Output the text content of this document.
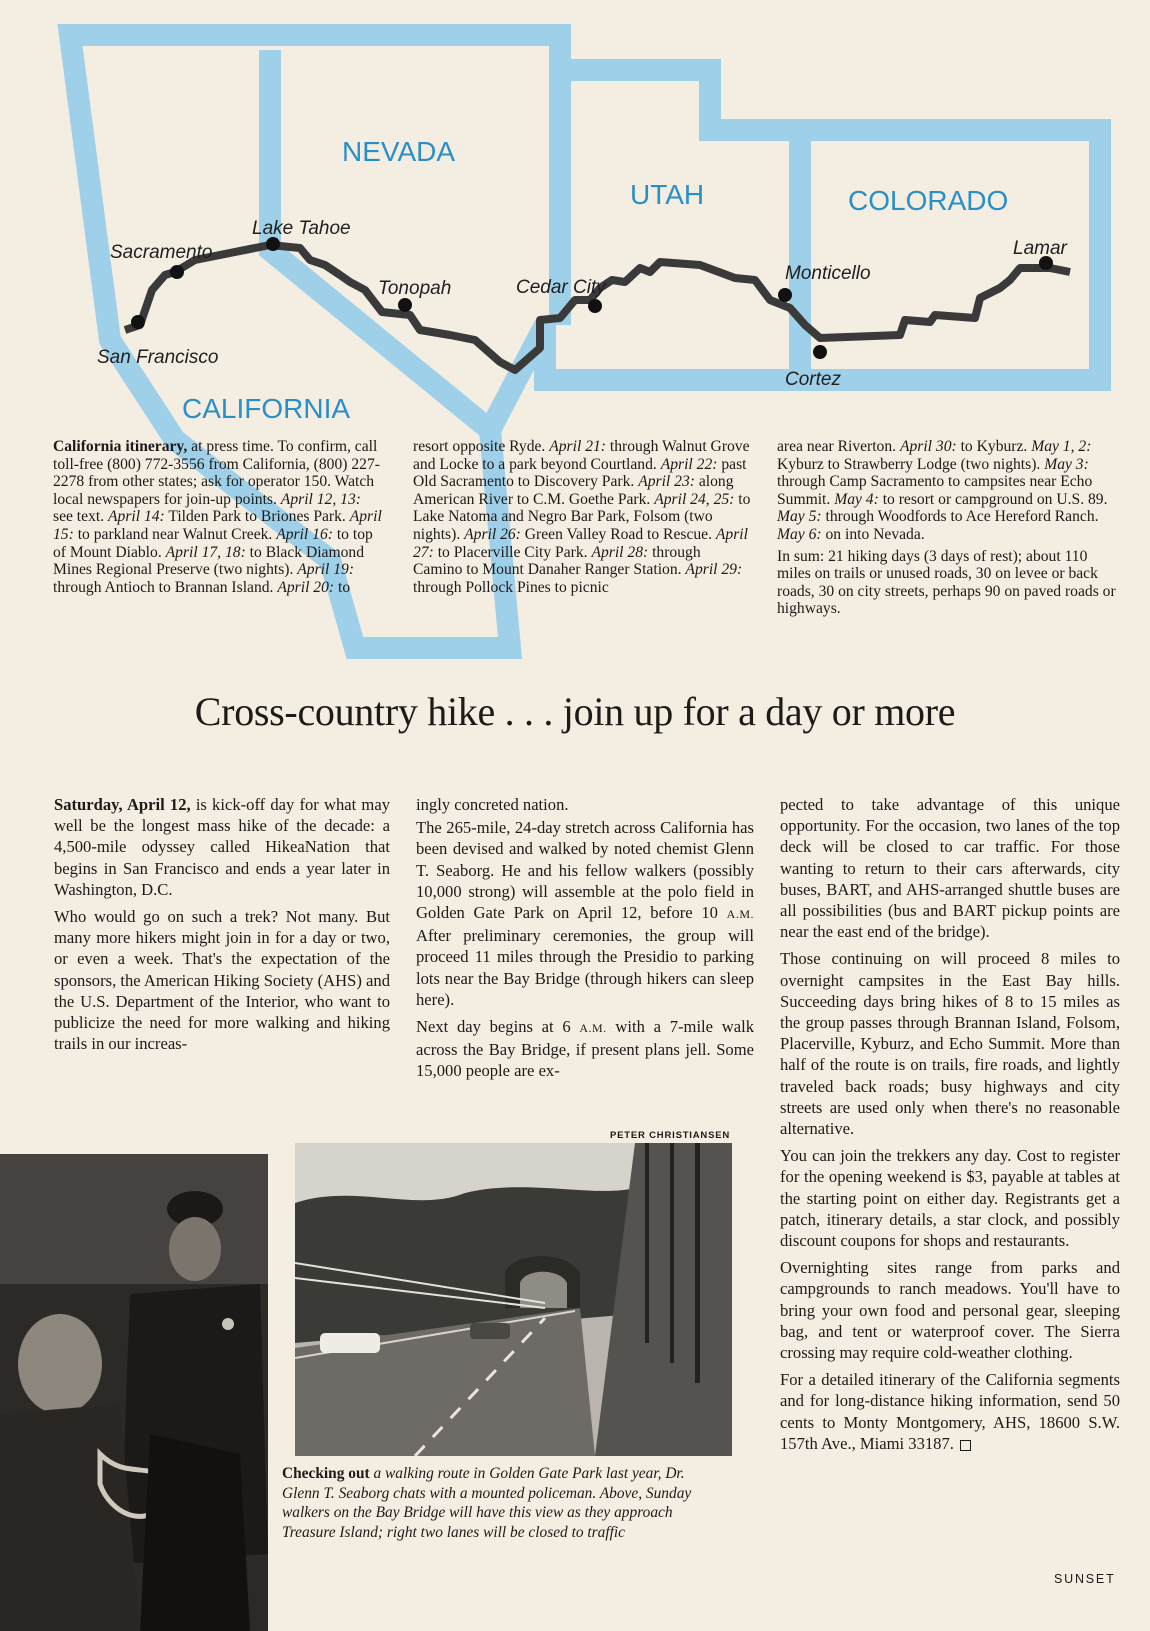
NEVADA
UTAH	COLORADO
CALIFORNIA
San Francisco
Sacramento
Lake Tahoe
Tonopah	Cedar City
Monticello
Cortez
Lamar

California itinerary, at press time. To confirm, call toll-free (800) 772-3556 from California, (800) 227-2278 from other states; ask for operator 150. Watch local newspapers for join-up points. April 12, 13: see text. April 14: Tilden Park to Briones Park. April 15: to parkland near Walnut Creek. April 16: to top of Mount Diablo. April 17, 18: to Black Diamond Mines Regional Preserve (two nights). April 19: through Antioch to Brannan Island. April 20: to

resort opposite Ryde. April 21: through Walnut Grove and Locke to a park beyond Courtland. April 22: past Old Sacramento to Discovery Park. April 23: along American River to C.M. Goethe Park. April 24, 25: to Lake Natoma and Negro Bar Park, Folsom (two nights). April 26: Green Valley Road to Rescue. April 27: to Placerville City Park. April 28: through Camino to Mount Danaher Ranger Station. April 29: through Pollock Pines to picnic

area near Riverton. April 30: to Kyburz. May 1, 2: Kyburz to Strawberry Lodge (two nights). May 3: through Camp Sacramento to campsites near Echo Summit. May 4: to resort or campground on U.S. 89. May 5: through Woodfords to Ace Hereford Ranch. May 6: on into Nevada.

In sum: 21 hiking days (3 days of rest); about 110 miles on trails or unused roads, 30 on levee or back roads, 30 on city streets, perhaps 90 on paved roads or highways.

Cross-country hike . . . join up for a day or more

Saturday, April 12, is kick-off day for what may well be the longest mass hike of the decade: a 4,500-mile odyssey called HikeaNation that begins in San Francisco and ends a year later in Washington, D.C.

Who would go on such a trek? Not many. But many more hikers might join in for a day or two, or even a week. That's the expectation of the sponsors, the American Hiking Society (AHS) and the U.S. Department of the Interior, who want to publicize the need for more walking and hiking trails in our increas-

ingly concreted nation.

The 265-mile, 24-day stretch across California has been devised and walked by noted chemist Glenn T. Seaborg. He and his fellow walkers (possibly 10,000 strong) will assemble at the polo field in Golden Gate Park on April 12, before 10 A.M. After preliminary ceremonies, the group will proceed 11 miles through the Presidio to parking lots near the Bay Bridge (through hikers can sleep here).

Next day begins at 6 A.M. with a 7-mile walk across the Bay Bridge, if present plans jell. Some 15,000 people are ex-

pected to take advantage of this unique opportunity. For the occasion, two lanes of the top deck will be closed to car traffic. For those wanting to return to their cars afterwards, city buses, BART, and AHS-arranged shuttle buses are all possibilities (bus and BART pickup points are near the east end of the bridge).

Those continuing on will proceed 8 miles to overnight campsites in the East Bay hills. Succeeding days bring hikes of 8 to 15 miles as the group passes through Brannan Island, Folsom, Placerville, Kyburz, and Echo Summit. More than half of the route is on trails, fire roads, and lightly traveled back roads; busy highways and city streets are used only when there's no reasonable alternative.

You can join the trekkers any day. Cost to register for the opening weekend is $3, payable at tables at the starting point on either day. Registrants get a patch, itinerary details, a star clock, and possibly discount coupons for shops and restaurants.

Overnighting sites range from parks and campgrounds to ranch meadows. You'll have to bring your own food and personal gear, sleeping bag, and tent or waterproof cover. The Sierra crossing may require cold-weather clothing.

For a detailed itinerary of the California segments and for long-distance hiking information, send 50 cents to Monty Montgomery, AHS, 18600 S.W. 157th Ave., Miami 33187.

PETER CHRISTIANSEN
Checking out a walking route in Golden Gate Park last year, Dr. Glenn T. Seaborg chats with a mounted policeman. Above, Sunday walkers on the Bay Bridge will have this view as they approach Treasure Island; right two lanes will be closed to traffic
SUNSET
